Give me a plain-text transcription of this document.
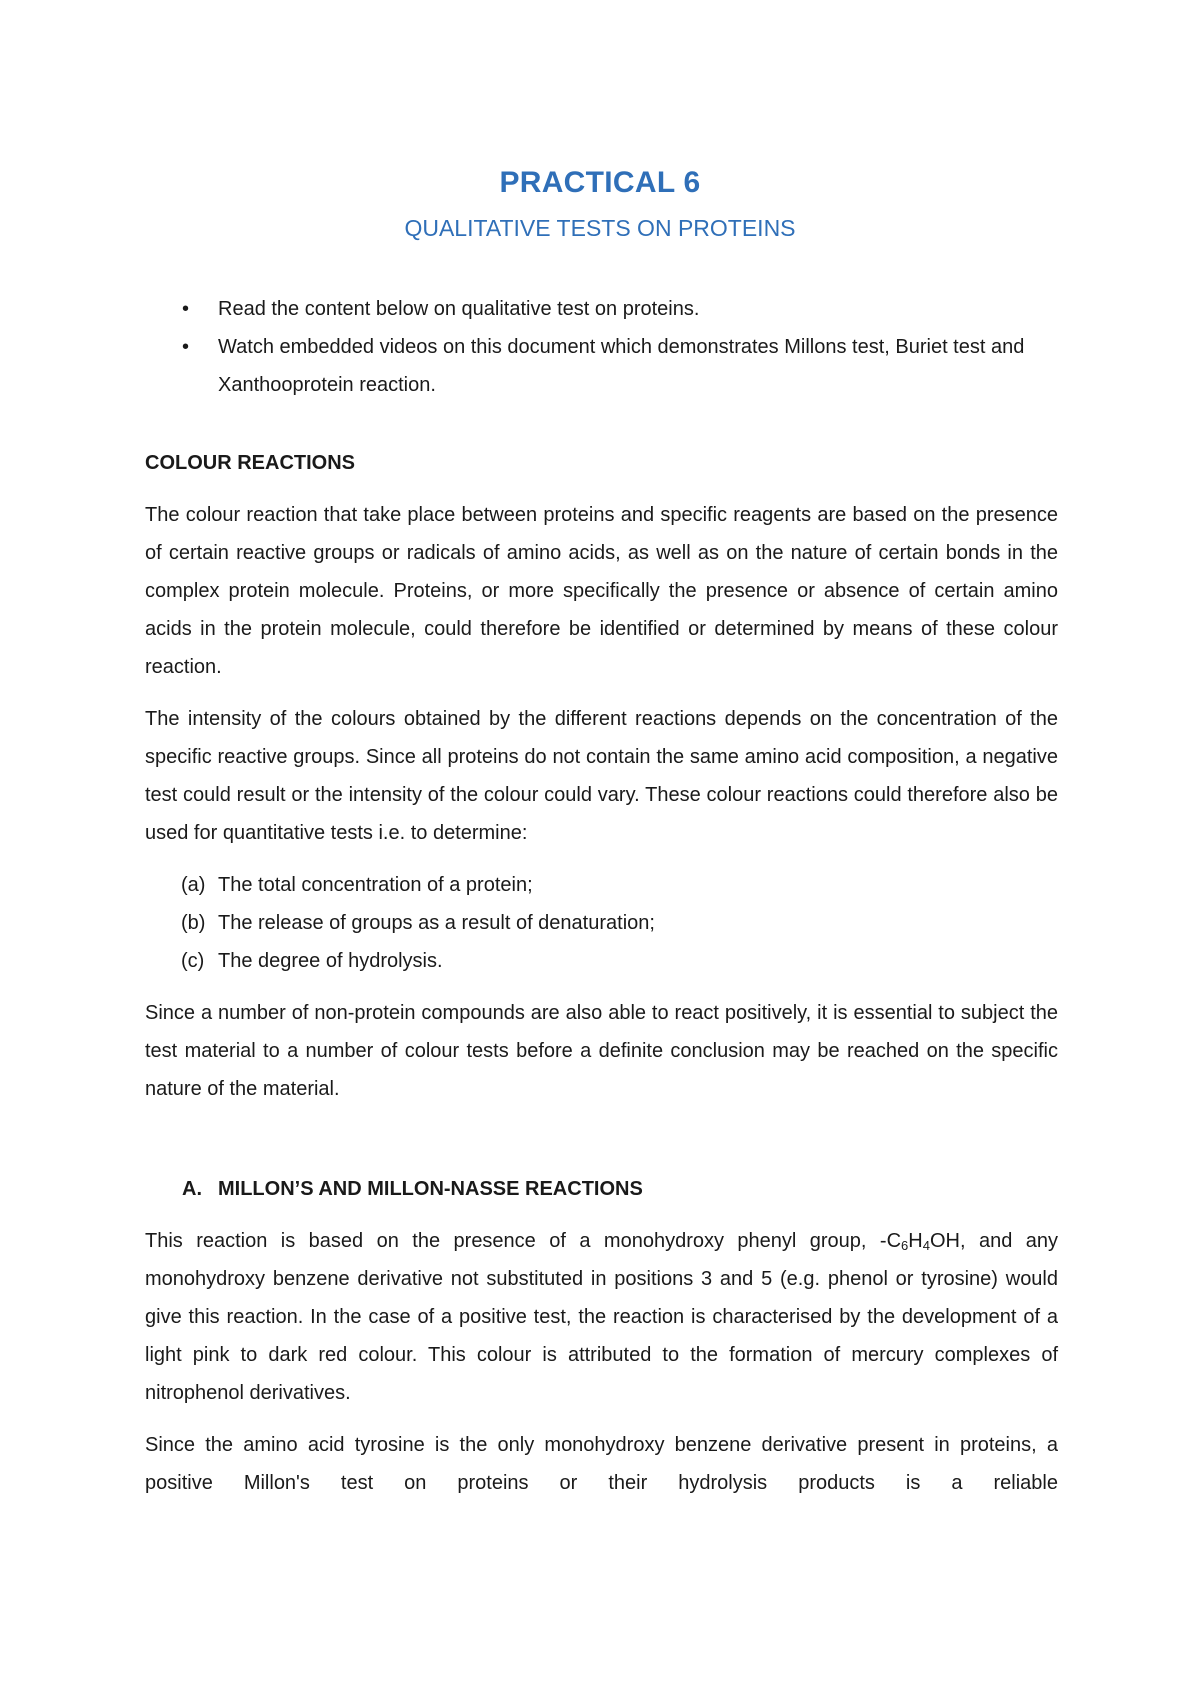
PRACTICAL 6
QUALITATIVE TESTS ON PROTEINS
• Read the content below on qualitative test on proteins.
• Watch embedded videos on this document which demonstrates Millons test, Buriet test and Xanthooprotein reaction.
COLOUR REACTIONS

The colour reaction that take place between proteins and specific reagents are based on the presence of certain reactive groups or radicals of amino acids, as well as on the nature of certain bonds in the complex protein molecule. Proteins, or more specifically the presence or absence of certain amino acids in the protein molecule, could therefore be identified or determined by means of these colour reaction.

The intensity of the colours obtained by the different reactions depends on the concentration of the specific reactive groups. Since all proteins do not contain the same amino acid composition, a negative test could result or the intensity of the colour could vary. These colour reactions could therefore also be used for quantitative tests i.e. to determine:

(a) The total concentration of a protein;
(b) The release of groups as a result of denaturation;
(c) The degree of hydrolysis.

Since a number of non-protein compounds are also able to react positively, it is essential to subject the test material to a number of colour tests before a definite conclusion may be reached on the specific nature of the material.

A. MILLON’S AND MILLON-NASSE REACTIONS

This reaction is based on the presence of a monohydroxy phenyl group, $-C_6H_4OH$, and any monohydroxy benzene derivative not substituted in positions 3 and 5 (e.g. phenol or tyrosine) would give this reaction. In the case of a positive test, the reaction is characterised by the development of a light pink to dark red colour. This colour is attributed to the formation of mercury complexes of nitrophenol derivatives.

Since the amino acid tyrosine is the only monohydroxy benzene derivative present in proteins, a positive Millon's test on proteins or their hydrolysis products is a reliable
